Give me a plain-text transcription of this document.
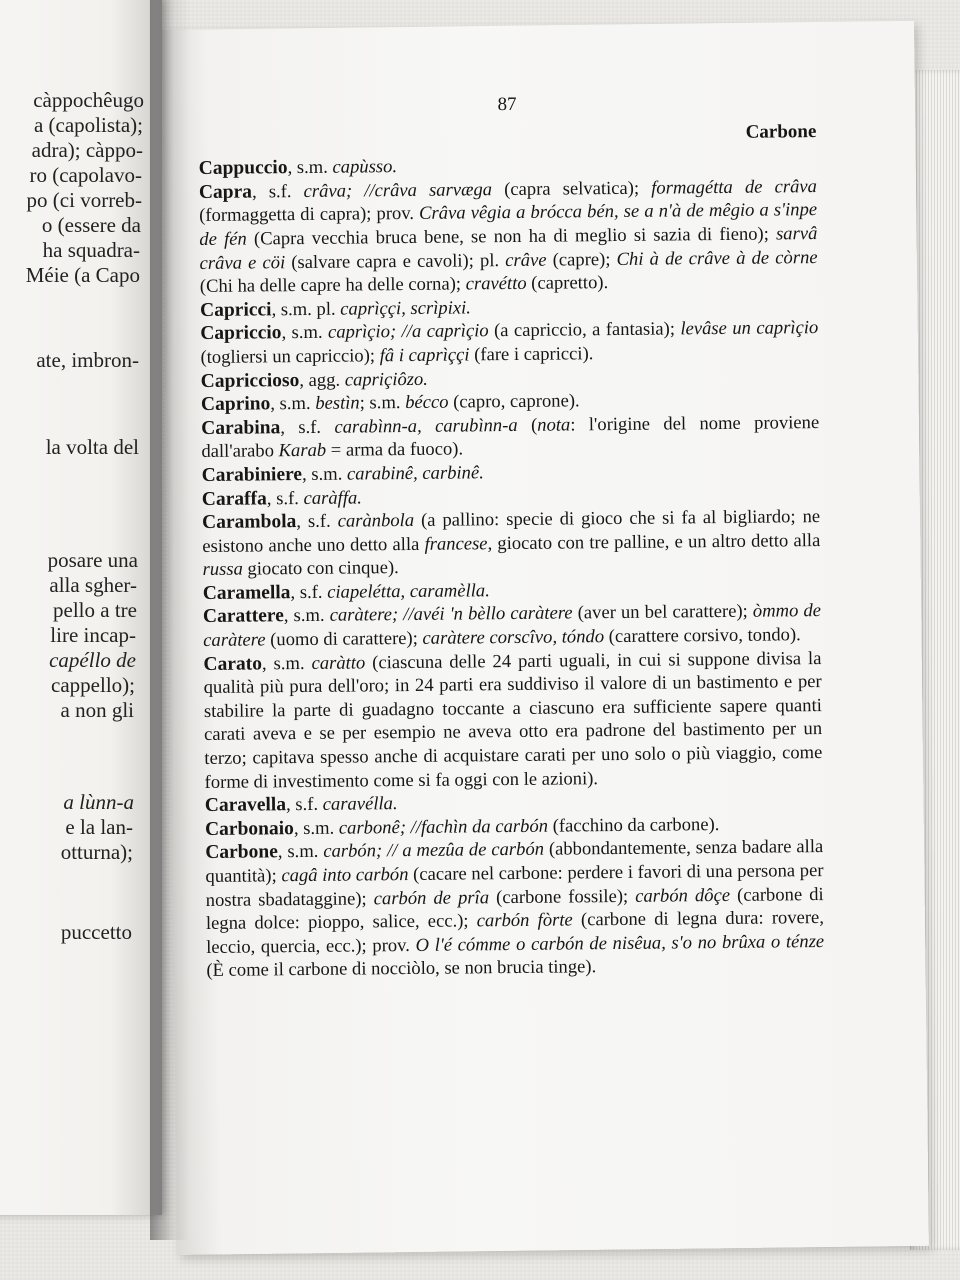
càppochêugo
a (capolista);
adra); càppo-
ro (capolavo-
po (ci vorreb-
o (essere da
ha squadra-
Méie (a Capo
ate, imbron-
la volta del
posare una
alla sgher-
pello a tre
lire incap-
capéllo de
cappello);
a non gli
a lùnn-a
e la lan-
otturna);
puccetto
87
Carbone

Cappuccio, s.m. capùsso.

Capra, s.f. crâva; //crâva sarvæga (capra selvatica); formagétta de crâva (formaggetta di capra); prov. Crâva vêgia a brócca bén, se a n'à de mêgio a s'inpe de fén (Capra vecchia bruca bene, se non ha di meglio si sazia di fieno); sarvâ crâva e cöi (salvare capra e cavoli); pl. crâve (capre); Chi à de crâve à de còrne (Chi ha delle capre ha delle corna); cravétto (capretto).

Capricci, s.m. pl. caprìççi, scrìpixi.

Capriccio, s.m. caprìçio; //a caprìçio (a capriccio, a fantasia); levâse un caprìçio (togliersi un capriccio); fâ i caprìççi (fare i capricci).

Capriccioso, agg. capriçiôzo.

Caprino, s.m. bestìn; s.m. bécco (capro, caprone).

Carabina, s.f. carabìnn-a, carubìnn-a (nota: l'origine del nome proviene dall'arabo Karab = arma da fuoco).

Carabiniere, s.m. carabinê, carbinê.

Caraffa, s.f. caràffa.

Carambola, s.f. carànbola (a pallino: specie di gioco che si fa al bigliardo; ne esistono anche uno detto alla francese, giocato con tre palline, e un altro detto alla russa giocato con cinque).

Caramella, s.f. ciapelétta, caramèlla.

Carattere, s.m. caràtere; //avéi 'n bèllo caràtere (aver un bel carattere); òmmo de caràtere (uomo di carattere); caràtere corscîvo, tóndo (carattere corsivo, tondo).

Carato, s.m. caràtto (ciascuna delle 24 parti uguali, in cui si suppone divisa la qualità più pura dell'oro; in 24 parti era suddiviso il valore di un bastimento e per stabilire la parte di guadagno toccante a ciascuno era sufficiente sapere quanti carati aveva e se per esempio ne aveva otto era padrone del bastimento per un terzo; capitava spesso anche di acquistare carati per uno solo o più viaggio, come forme di investimento come si fa oggi con le azioni).

Caravella, s.f. caravélla.

Carbonaio, s.m. carbonê; //fachìn da carbón (facchino da carbone).

Carbone, s.m. carbón; // a mezûa de carbón (abbondantemente, senza badare alla quantità); cagâ into carbón (cacare nel carbone: perdere i favori di una persona per nostra sbadataggine); carbón de prîa (carbone fossile); carbón dôçe (carbone di legna dolce: pioppo, salice, ecc.); carbón fòrte (carbone di legna dura: rovere, leccio, quercia, ecc.); prov. O l'é cómme o carbón de nisêua, s'o no brûxa o ténze (È come il carbone di nocciòlo, se non brucia tinge).
